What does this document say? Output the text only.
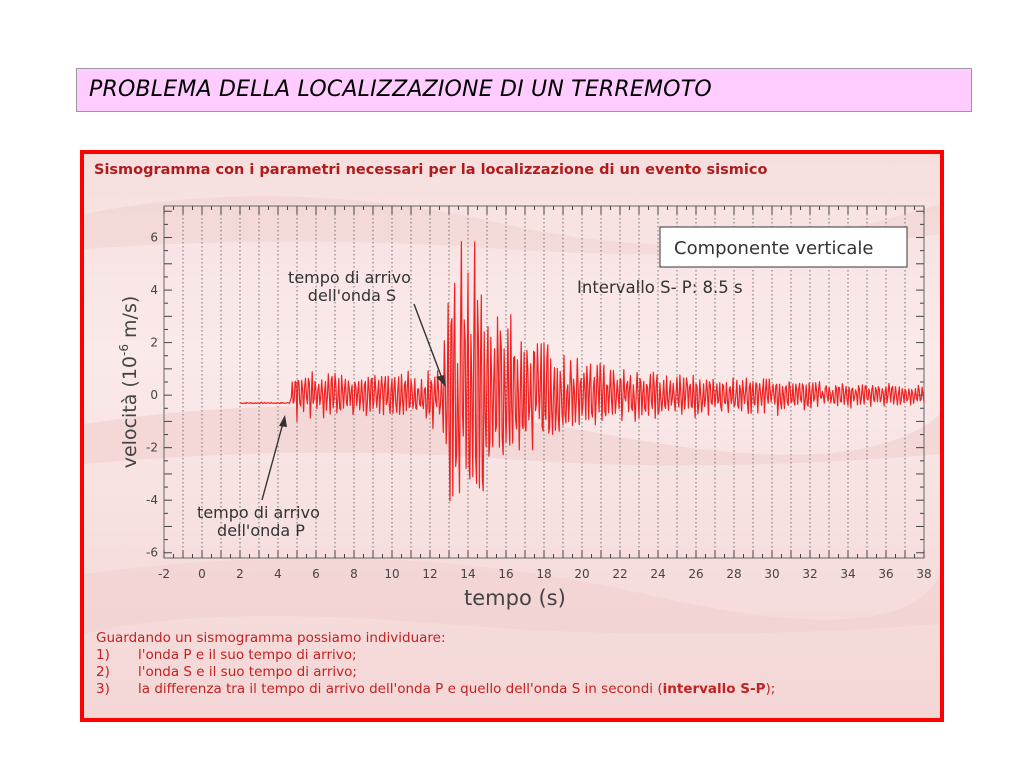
PROBLEMA DELLA LOCALIZZAZIONE DI UN TERREMOTO
Sismogramma con i parametri necessari per la localizzazione di un evento sismico
-2 0	2	4	6	8 10 12 14 16 18 20 22 24 26 28 30 32 34 36 38
-6
-4
-2
0
2
4
6
tempo (s)
velocità ($10^{-6}$ m/s)
Componente verticale
Intervallo S- P: 8.5 s
tempo di arrivo dell'onda S
tempo di arrivo dell'onda P
Guardando un sismogramma possiamo individuare:
1) l'onda P e il suo tempo di arrivo;
2) l'onda S e il suo tempo di arrivo;
3) la differenza tra il tempo di arrivo dell'onda P e quello dell'onda S in secondi (intervallo S-P);
